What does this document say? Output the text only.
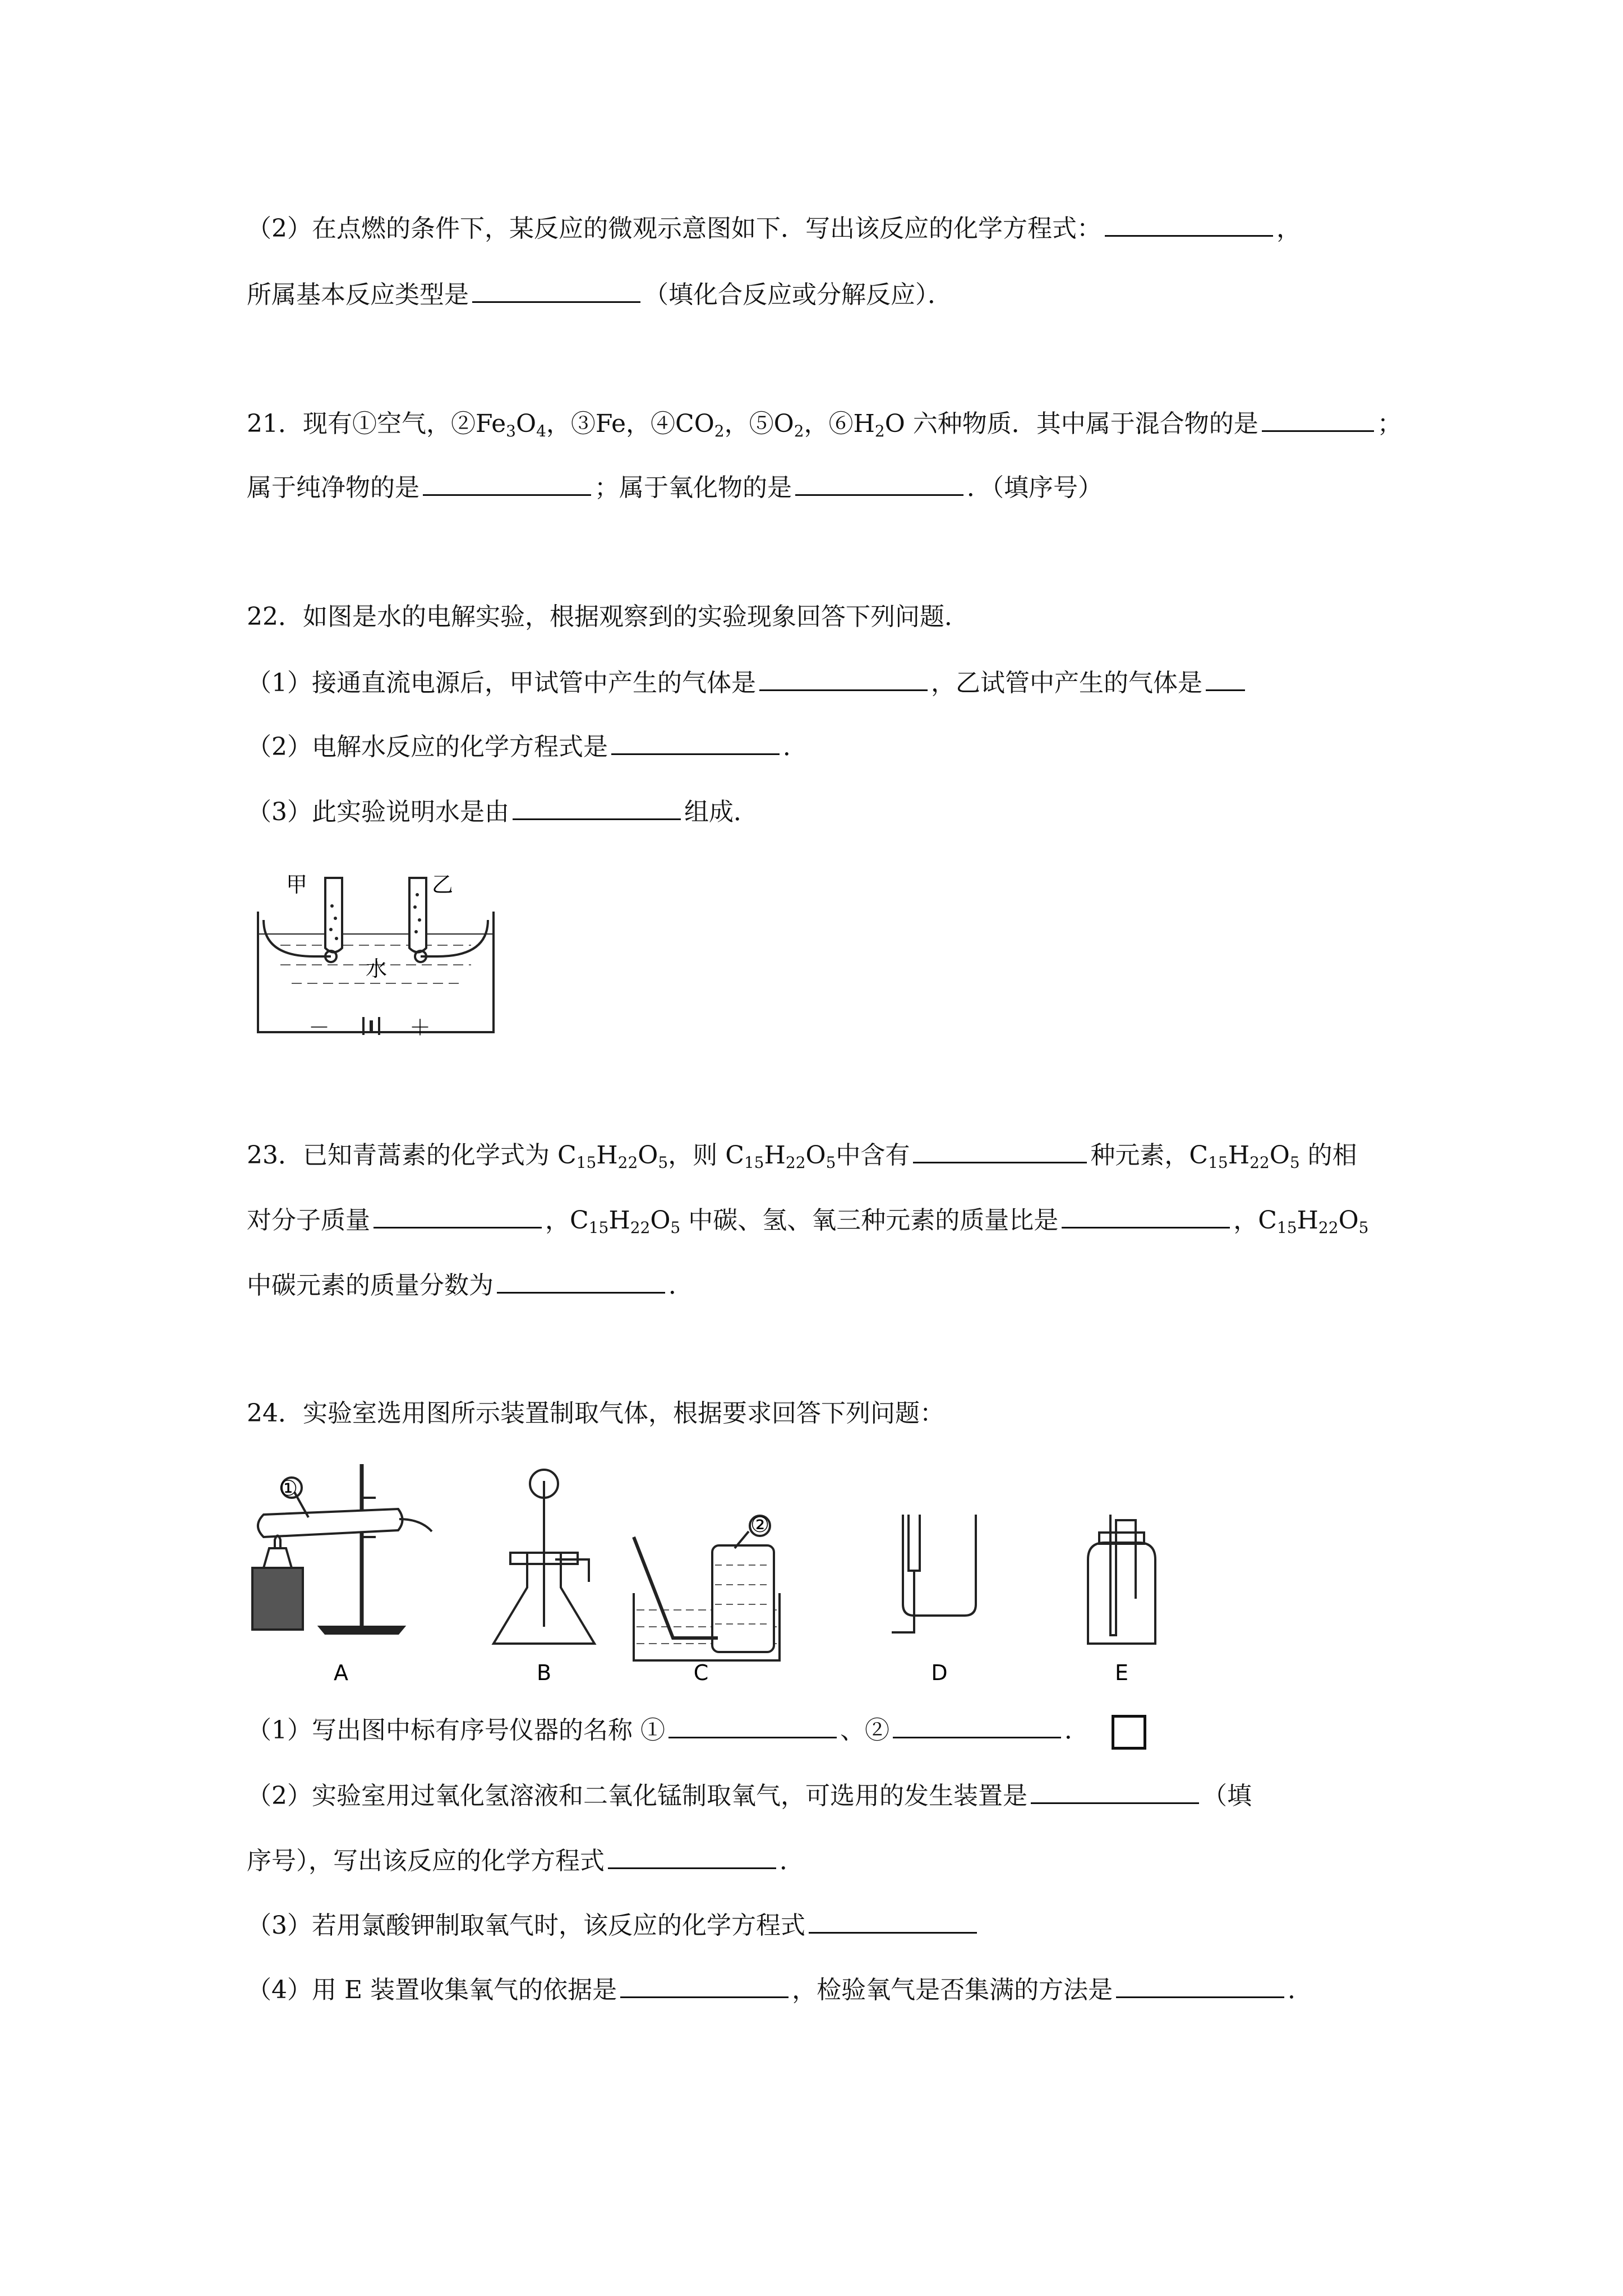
（2）在点燃的条件下，某反应的微观示意图如下．写出该反应的化学方程式：	，
所属基本反应类型是	（填化合反应或分解反应）．
21．现有①空气，$②Fe_3O_4$，③Fe，$④CO_2$，$⑤O_2$，$⑥H_2O$ 六种物质．其中属于混合物的是	；
属于纯净物的是	；属于氧化物的是	．（填序号）
22．如图是水的电解实验，根据观察到的实验现象回答下列问题．
（1）接通直流电源后，甲试管中产生的气体是	，乙试管中产生的气体是
（2）电解水反应的化学方程式是	．
（3）此实验说明水是由	组成．
甲	乙
水
－	＋
23．已知青蒿素的化学式为 $C_{15}H_{22}O_5$，则 $C_{15}H_{22}O_5$中含有	种元素，$C_{15}H_{22}O_5$ 的相
对分子质量	，$C_{15}H_{22}O_5$ 中碳、氢、氧三种元素的质量比是	，$C_{15}H_{22}O_5$
中碳元素的质量分数为	．
24．实验室选用图所示装置制取气体，根据要求回答下列问题：
①
②
A	B	C	D	E
（1）写出图中标有序号仪器的名称 ①	、②	．
（2）实验室用过氧化氢溶液和二氧化锰制取氧气，可选用的发生装置是	（填
序号），写出该反应的化学方程式	．
（3）若用氯酸钾制取氧气时，该反应的化学方程式
（4）用 E 装置收集氧气的依据是	，检验氧气是否集满的方法是	．
